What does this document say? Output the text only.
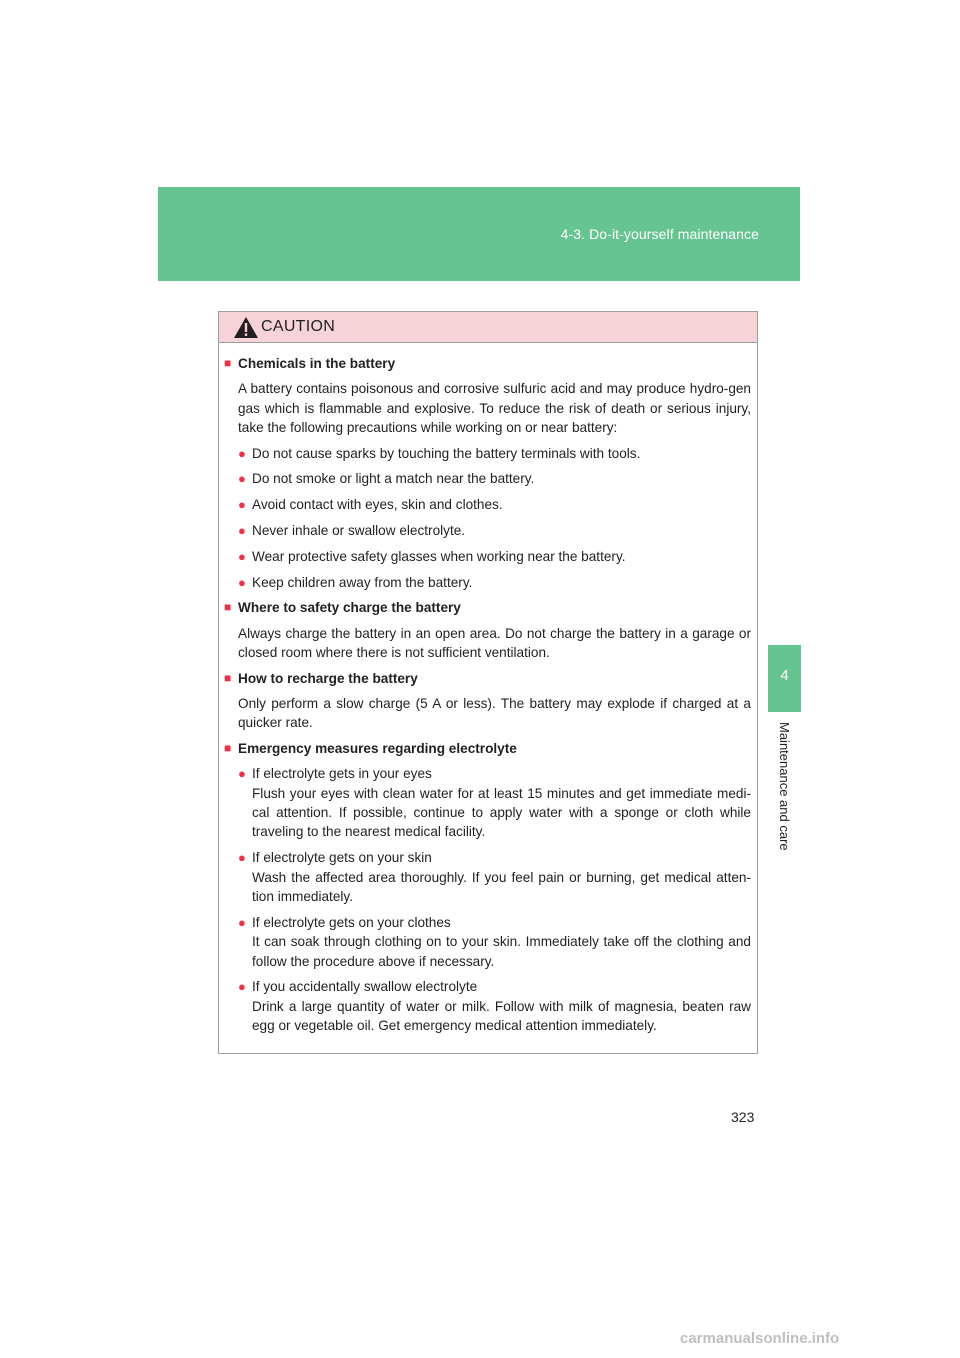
4-3. Do-it-yourself maintenance
4
Maintenance and care
CAUTION
■ Chemicals in the battery
A battery contains poisonous and corrosive sulfuric acid and may produce hydro-gen gas which is flammable and explosive. To reduce the risk of death or serious injury, take the following precautions while working on or near battery:
● Do not cause sparks by touching the battery terminals with tools.
● Do not smoke or light a match near the battery.
● Avoid contact with eyes, skin and clothes.
● Never inhale or swallow electrolyte.
● Wear protective safety glasses when working near the battery.
● Keep children away from the battery.
■ Where to safety charge the battery
Always charge the battery in an open area. Do not charge the battery in a garage or closed room where there is not sufficient ventilation.
■ How to recharge the battery
Only perform a slow charge (5 A or less). The battery may explode if charged at a quicker rate.
■ Emergency measures regarding electrolyte
● If electrolyte gets in your eyes
Flush your eyes with clean water for at least 15 minutes and get immediate medi-cal attention. If possible, continue to apply water with a sponge or cloth while traveling to the nearest medical facility.
● If electrolyte gets on your skin
Wash the affected area thoroughly. If you feel pain or burning, get medical atten-tion immediately.
● If electrolyte gets on your clothes
It can soak through clothing on to your skin. Immediately take off the clothing and follow the procedure above if necessary.
● If you accidentally swallow electrolyte
Drink a large quantity of water or milk. Follow with milk of magnesia, beaten raw egg or vegetable oil. Get emergency medical attention immediately.
323
carmanualsonline.info
